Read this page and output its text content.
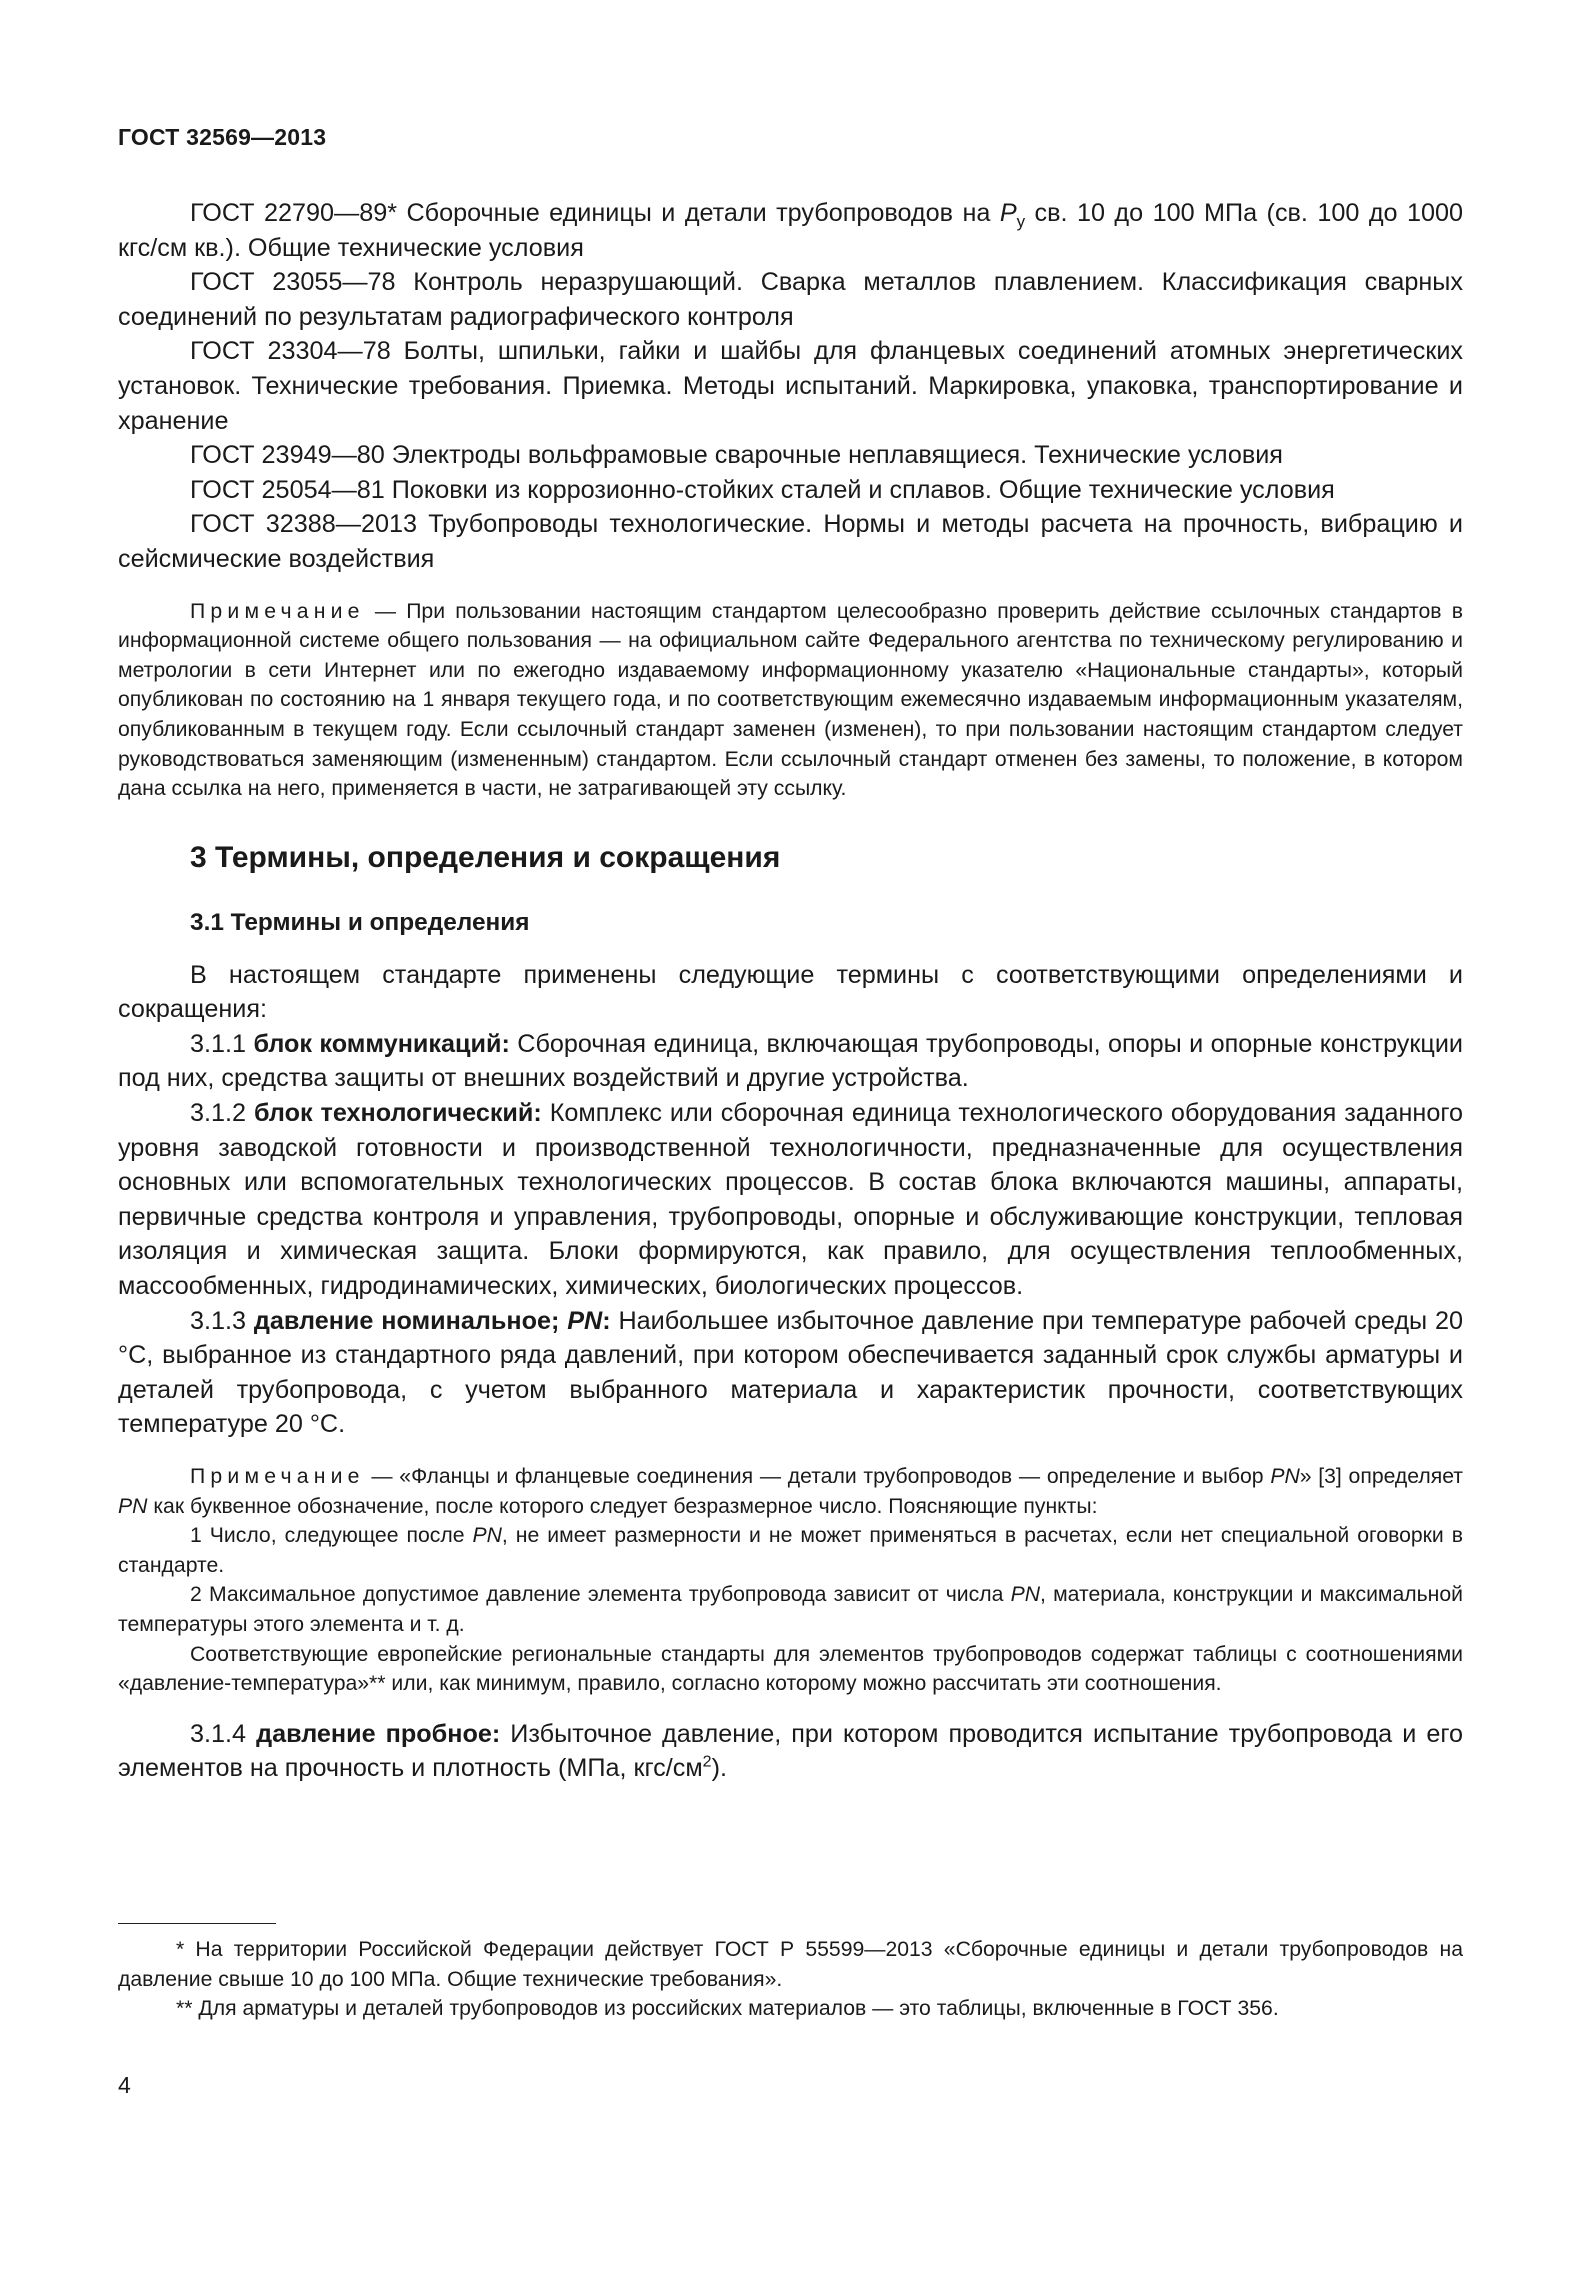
ГОСТ 32569—2013

ГОСТ 22790—89* Сборочные единицы и детали трубопроводов на $P_у$ св. 10 до 100 МПа (св. 100 до 1000 кгс/см кв.). Общие технические условия

ГОСТ 23055—78 Контроль неразрушающий. Сварка металлов плавлением. Классификация сварных соединений по результатам радиографического контроля

ГОСТ 23304—78 Болты, шпильки, гайки и шайбы для фланцевых соединений атомных энергетических установок. Технические требования. Приемка. Методы испытаний. Маркировка, упаковка, транспортирование и хранение

ГОСТ 23949—80 Электроды вольфрамовые сварочные неплавящиеся. Технические условия

ГОСТ 25054—81 Поковки из коррозионно-стойких сталей и сплавов. Общие технические условия

ГОСТ 32388—2013 Трубопроводы технологические. Нормы и методы расчета на прочность, вибрацию и сейсмические воздействия

Примечание — При пользовании настоящим стандартом целесообразно проверить действие ссылочных стандартов в информационной системе общего пользования — на официальном сайте Федерального агентства по техническому регулированию и метрологии в сети Интернет или по ежегодно издаваемому информационному указателю «Национальные стандарты», который опубликован по состоянию на 1 января текущего года, и по соответствующим ежемесячно издаваемым информационным указателям, опубликованным в текущем году. Если ссылочный стандарт заменен (изменен), то при пользовании настоящим стандартом следует руководствоваться заменяющим (измененным) стандартом. Если ссылочный стандарт отменен без замены, то положение, в котором дана ссылка на него, применяется в части, не затрагивающей эту ссылку.

3 Термины, определения и сокращения
3.1 Термины и определения

В настоящем стандарте применены следующие термины с соответствующими определениями и сокращения:

3.1.1 блок коммуникаций: Сборочная единица, включающая трубопроводы, опоры и опорные конструкции под них, средства защиты от внешних воздействий и другие устройства.

3.1.2 блок технологический: Комплекс или сборочная единица технологического оборудования заданного уровня заводской готовности и производственной технологичности, предназначенные для осуществления основных или вспомогательных технологических процессов. В состав блока включаются машины, аппараты, первичные средства контроля и управления, трубопроводы, опорные и обслуживающие конструкции, тепловая изоляция и химическая защита. Блоки формируются, как правило, для осуществления теплообменных, массообменных, гидродинамических, химических, биологических процессов.

3.1.3 давление номинальное; PN: Наибольшее избыточное давление при температуре рабочей среды 20 °С, выбранное из стандартного ряда давлений, при котором обеспечивается заданный срок службы арматуры и деталей трубопровода, с учетом выбранного материала и характеристик прочности, соответствующих температуре 20 °С.

Примечание — «Фланцы и фланцевые соединения — детали трубопроводов — определение и выбор PN» [3] определяет PN как буквенное обозначение, после которого следует безразмерное число. Поясняющие пункты:

1 Число, следующее после PN, не имеет размерности и не может применяться в расчетах, если нет специальной оговорки в стандарте.

2 Максимальное допустимое давление элемента трубопровода зависит от числа PN, материала, конструкции и максимальной температуры этого элемента и т. д.

Соответствующие европейские региональные стандарты для элементов трубопроводов содержат таблицы с соотношениями «давление-температура»** или, как минимум, правило, согласно которому можно рассчитать эти соотношения.

3.1.4 давление пробное: Избыточное давление, при котором проводится испытание трубопровода и его элементов на прочность и плотность (МПа, кгс/$см^2$).

* На территории Российской Федерации действует ГОСТ Р 55599—2013 «Сборочные единицы и детали трубопроводов на давление свыше 10 до 100 МПа. Общие технические требования».

** Для арматуры и деталей трубопроводов из российских материалов — это таблицы, включенные в ГОСТ 356.

4
